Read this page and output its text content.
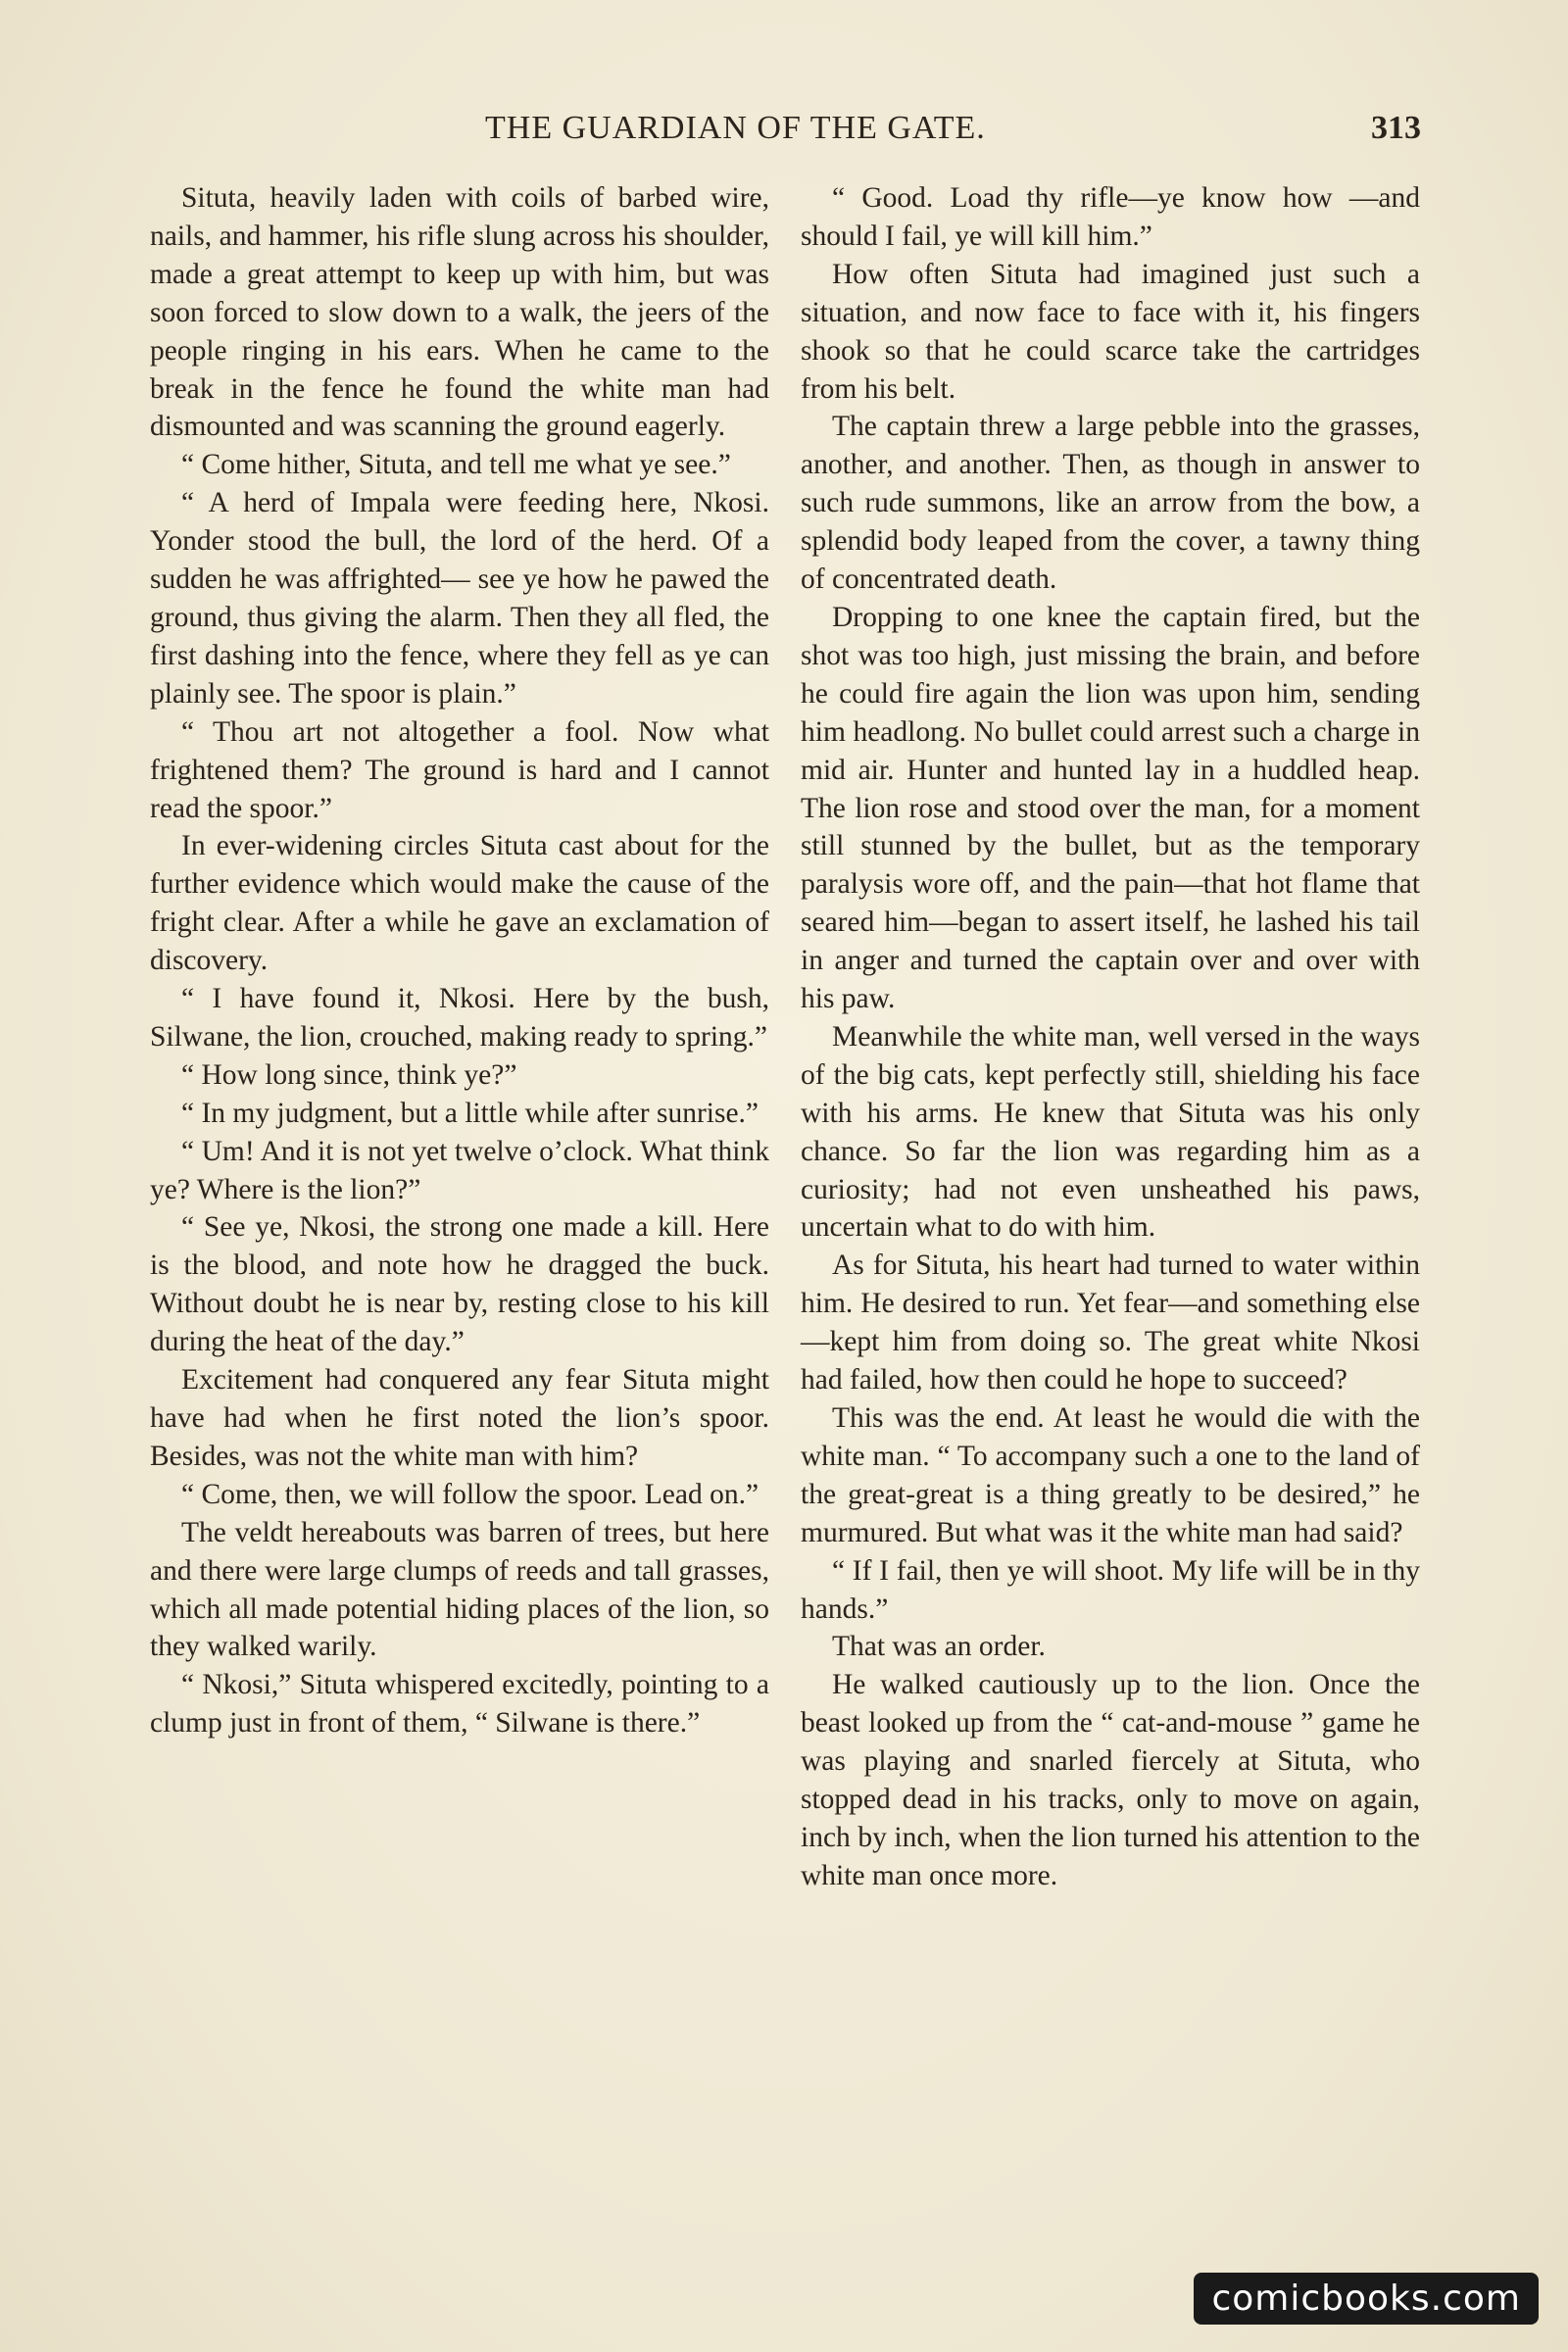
THE GUARDIAN OF THE GATE.	313

Situta, heavily laden with coils of barbed wire, nails, and hammer, his rifle slung across his shoulder, made a great attempt to keep up with him, but was soon forced to slow down to a walk, the jeers of the people ringing in his ears. When he came to the break in the fence he found the white man had dismounted and was scanning the ground eagerly.

“ Come hither, Situta, and tell me what ye see.”

“ A herd of Impala were feeding here, Nkosi. Yonder stood the bull, the lord of the herd. Of a sudden he was affrighted— see ye how he pawed the ground, thus giving the alarm. Then they all fled, the first dashing into the fence, where they fell as ye can plainly see. The spoor is plain.”

“ Thou art not altogether a fool. Now what frightened them? The ground is hard and I cannot read the spoor.”

In ever-widening circles Situta cast about for the further evidence which would make the cause of the fright clear. After a while he gave an exclamation of discovery.

“ I have found it, Nkosi. Here by the bush, Silwane, the lion, crouched, making ready to spring.”

“ How long since, think ye?”

“ In my judgment, but a little while after sunrise.”

“ Um! And it is not yet twelve o’clock. What think ye? Where is the lion?”

“ See ye, Nkosi, the strong one made a kill. Here is the blood, and note how he dragged the buck. Without doubt he is near by, resting close to his kill during the heat of the day.”

Excitement had conquered any fear Situta might have had when he first noted the lion’s spoor. Besides, was not the white man with him?

“ Come, then, we will follow the spoor. Lead on.”

The veldt hereabouts was barren of trees, but here and there were large clumps of reeds and tall grasses, which all made potential hiding places of the lion, so they walked warily.

“ Nkosi,” Situta whispered excitedly, pointing to a clump just in front of them, “ Silwane is there.”

“ Good. Load thy rifle—ye know how —and should I fail, ye will kill him.”

How often Situta had imagined just such a situation, and now face to face with it, his fingers shook so that he could scarce take the cartridges from his belt.

The captain threw a large pebble into the grasses, another, and another. Then, as though in answer to such rude summons, like an arrow from the bow, a splendid body leaped from the cover, a tawny thing of concentrated death.

Dropping to one knee the captain fired, but the shot was too high, just missing the brain, and before he could fire again the lion was upon him, sending him headlong. No bullet could arrest such a charge in mid air. Hunter and hunted lay in a huddled heap. The lion rose and stood over the man, for a moment still stunned by the bullet, but as the temporary paralysis wore off, and the pain—that hot flame that seared him—began to assert itself, he lashed his tail in anger and turned the captain over and over with his paw.

Meanwhile the white man, well versed in the ways of the big cats, kept perfectly still, shielding his face with his arms. He knew that Situta was his only chance. So far the lion was regarding him as a curiosity; had not even unsheathed his paws, uncertain what to do with him.

As for Situta, his heart had turned to water within him. He desired to run. Yet fear—and something else—kept him from doing so. The great white Nkosi had failed, how then could he hope to succeed?

This was the end. At least he would die with the white man. “ To accompany such a one to the land of the great-great is a thing greatly to be desired,” he murmured. But what was it the white man had said?

“ If I fail, then ye will shoot. My life will be in thy hands.”

That was an order.

He walked cautiously up to the lion. Once the beast looked up from the “ cat-and-mouse ” game he was playing and snarled fiercely at Situta, who stopped dead in his tracks, only to move on again, inch by inch, when the lion turned his attention to the white man once more.

comicbooks.com
